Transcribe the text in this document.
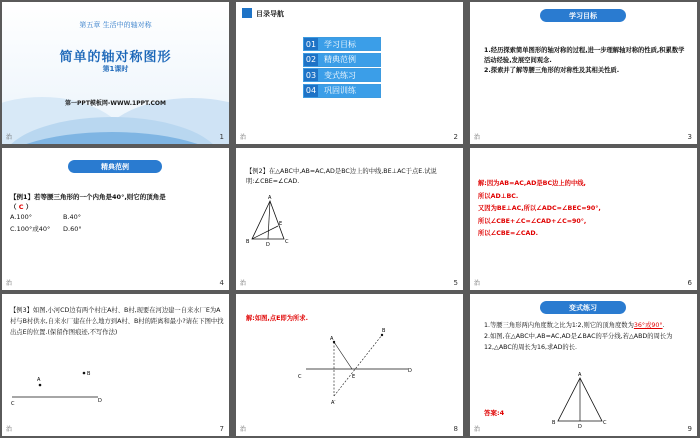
第五章 生活中的轴对称
简单的轴对称图形
第1课时
第一PPT模板网-WWW.1PPT.COM
治	1
目录导航
01 学习目标
02 精典范例
03 变式练习
04 巩固训练
治	2
学习目标
1.经历探索简单图形的轴对称的过程,进一步理解轴对称的性质,积累数学活动经验,发展空间观念.
2.探索并了解等腰三角形的对称性及其相关性质.
治	3
精典范例
【例1】若等腰三角形的一个内角是40°,则它的顶角是
（ C ）
A.100°	B.40°
C.100°或40° D.60°
治	4
【例2】在△ABC中,AB=AC,AD是BC边上的中线,BE⊥AC于点E.试说明:∠CBE=∠CAD.
A
B	C
D
E
治	5
解:因为AB=AC,AD是BC边上的中线,
所以AD⊥BC.
又因为BE⊥AC,所以∠ADC=∠BEC=90°,
所以∠CBE+∠C=∠CAD+∠C=90°,
所以∠CBE=∠CAD.
治	6
【例3】如图,小河CD边有两个村庄A村、B村,现要在河边建一自来水厂E为A村与B村供水,自来水厂建在什么地方到A村、B村的距离和最小?请在下图中找出点E的位置.(保留作图痕迹,不写作法)
A
B
C	D
治	7
解:如图,点E即为所求.
A
B
C
D
E
A′
治	8
变式练习
1.等腰三角形两内角度数之比为1∶2,则它的顶角度数为36°或90°.
2.如图,在△ABC中,AB=AC,AD是∠BAC的平分线,若△ABD的周长为12,△ABC的周长为16,求AD的长.
A
B	C
D
答案:4
治	9
